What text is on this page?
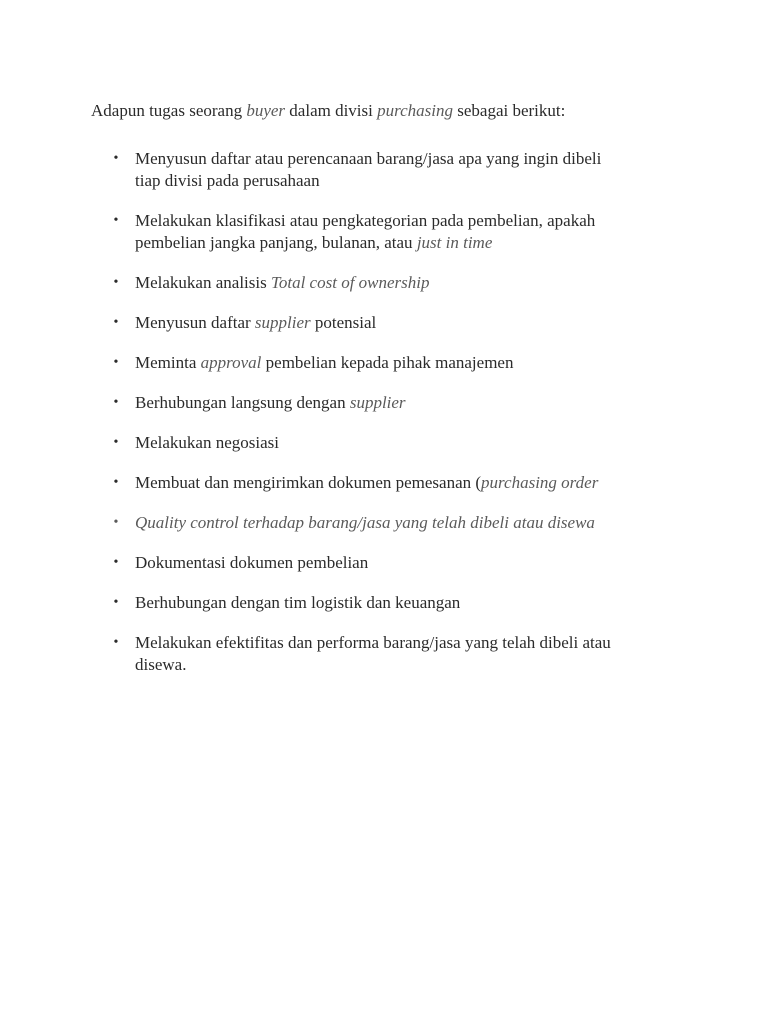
Adapun tugas seorang buyer dalam divisi purchasing sebagai berikut:

• Menyusun daftar atau perencanaan barang/jasa apa yang ingin dibeli
tiap divisi pada perusahaan
• Melakukan klasifikasi atau pengkategorian pada pembelian, apakah
pembelian jangka panjang, bulanan, atau just in time
• Melakukan analisis Total cost of ownership
• Menyusun daftar supplier potensial
• Meminta approval pembelian kepada pihak manajemen
• Berhubungan langsung dengan supplier
• Melakukan negosiasi
• Membuat dan mengirimkan dokumen pemesanan (purchasing order
• Quality control terhadap barang/jasa yang telah dibeli atau disewa
• Dokumentasi dokumen pembelian
• Berhubungan dengan tim logistik dan keuangan
• Melakukan efektifitas dan performa barang/jasa yang telah dibeli atau
disewa.
